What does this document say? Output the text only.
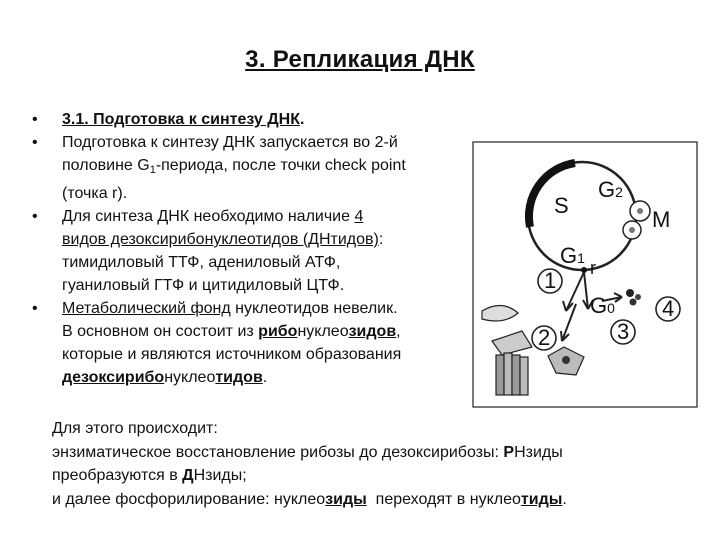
3. Репликация ДНК
• 3.1. Подготовка к синтезу ДНК.
• Подготовка к синтезу ДНК запускается во 2-й
половине $G_1$-периода, после точки check point
(точка r).
• Для синтеза ДНК необходимо наличие 4
видов дезоксирибонуклеотидов (ДНтидов):
тимидиловый ТТФ, адениловый АТФ,
гуаниловый ГТФ и цитидиловый ЦТФ.
• Метаболический фонд нуклеотидов невелик.
В основном он состоит из рибонуклеозидов,
которые и являются источником образования
дезоксирибонуклеотидов.
S
G2
M
G1 r
G0
1
2	3
4

Для этого происходит:

энзиматическое восстановление рибозы до дезоксирибозы: РНзиды

преобразуются в ДНзиды;

и далее фосфорилирование: нуклеозиды  переходят в нуклеотиды.
